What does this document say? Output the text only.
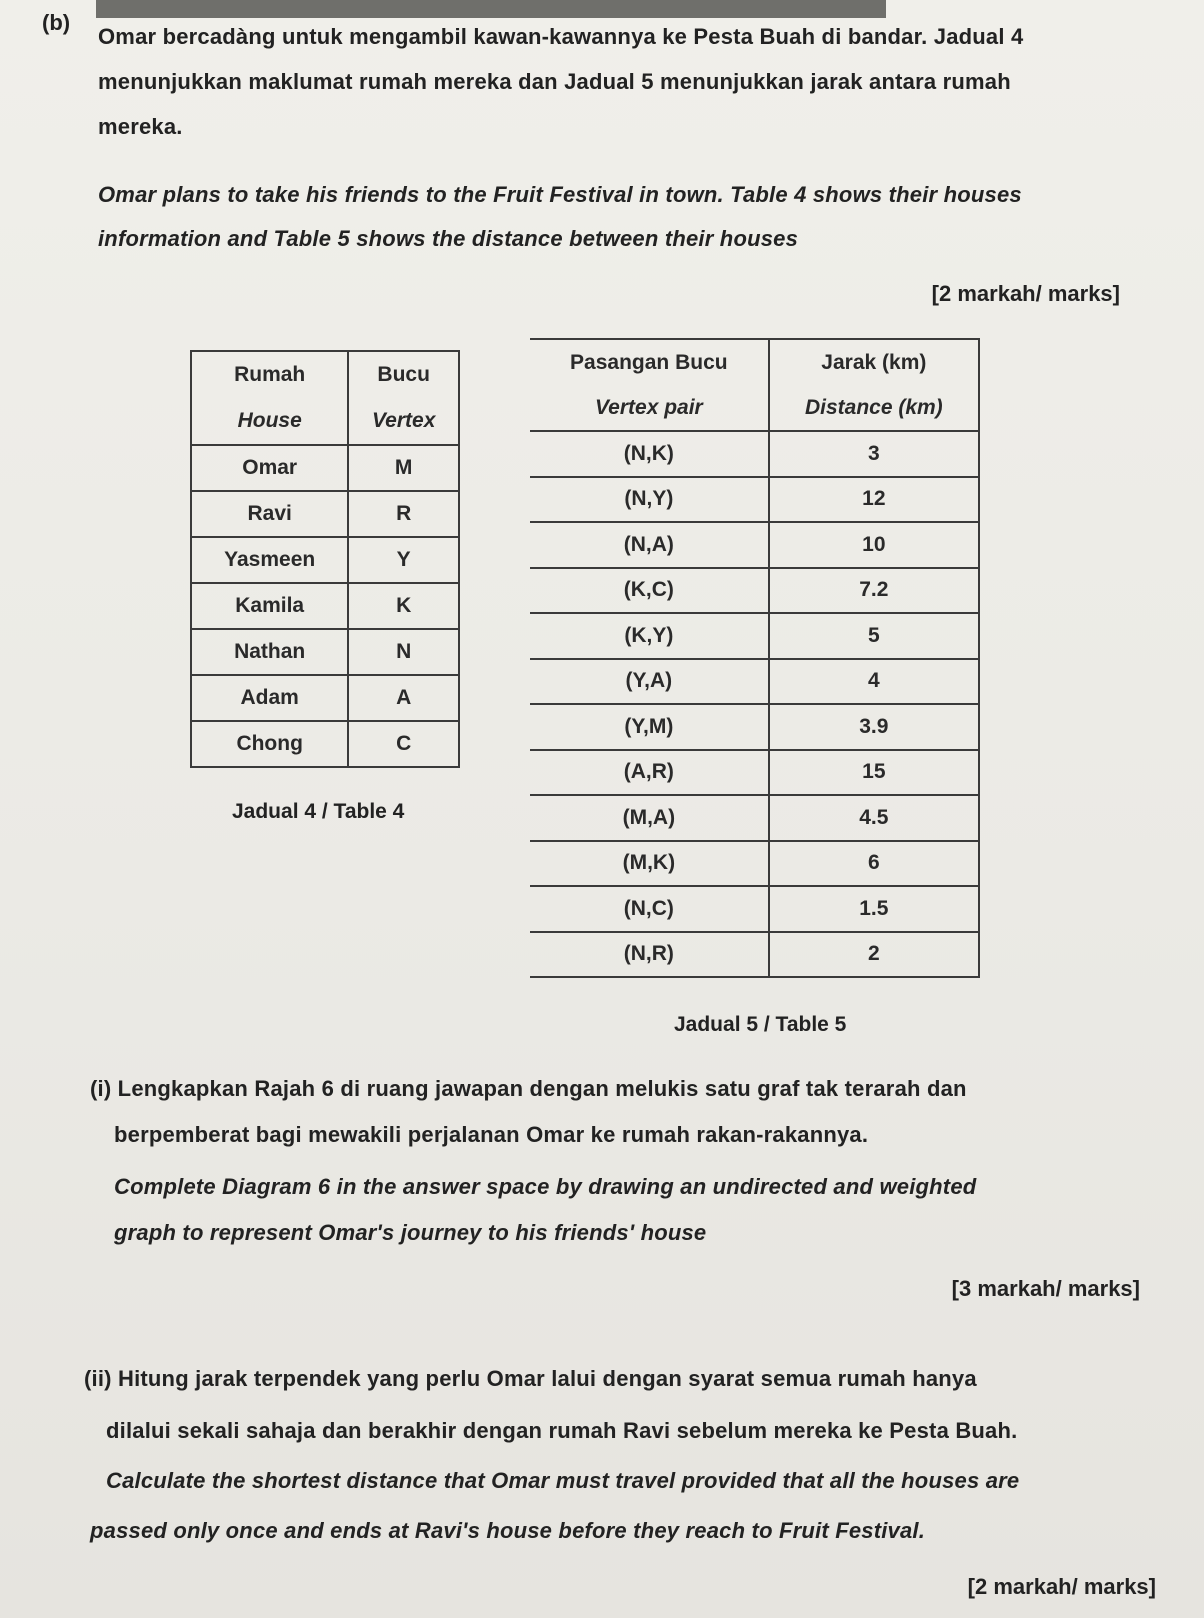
(b)

Omar bercadàng untuk mengambil kawan-kawannya ke Pesta Buah di bandar. Jadual 4

menunjukkan maklumat rumah mereka dan Jadual 5 menunjukkan jarak antara rumah

mereka.

Omar plans to take his friends to the Fruit Festival in town. Table 4 shows their houses

information and Table 5 shows the distance between their houses

[2 markah/ marks]
Rumah	Bucu
House	Vertex
Omar	M
Ravi	R
Yasmeen	Y
Kamila	K
Nathan	N
Adam	A
Chong	C
Jadual 4 / Table 4
Pasangan Bucu	Jarak (km)
Vertex pair	Distance (km)
(N,K)	3
(N,Y)	12
(N,A)	10
(K,C)	7.2
(K,Y)	5
(Y,A)	4
(Y,M)	3.9
(A,R)	15
(M,A)	4.5
(M,K)	6
(N,C)	1.5
(N,R)	2
Jadual 5 / Table 5

(i) Lengkapkan Rajah 6 di ruang jawapan dengan melukis satu graf tak terarah dan

berpemberat bagi mewakili perjalanan Omar ke rumah rakan-rakannya.

Complete Diagram 6 in the answer space by drawing an undirected and weighted

graph to represent Omar's journey to his friends' house

[3 markah/ marks]

(ii) Hitung jarak terpendek yang perlu Omar lalui dengan syarat semua rumah hanya

dilalui sekali sahaja dan berakhir dengan rumah Ravi sebelum mereka ke Pesta Buah.

Calculate the shortest distance that Omar must travel provided that all the houses are

passed only once and ends at Ravi's house before they reach to Fruit Festival.

[2 markah/ marks]
